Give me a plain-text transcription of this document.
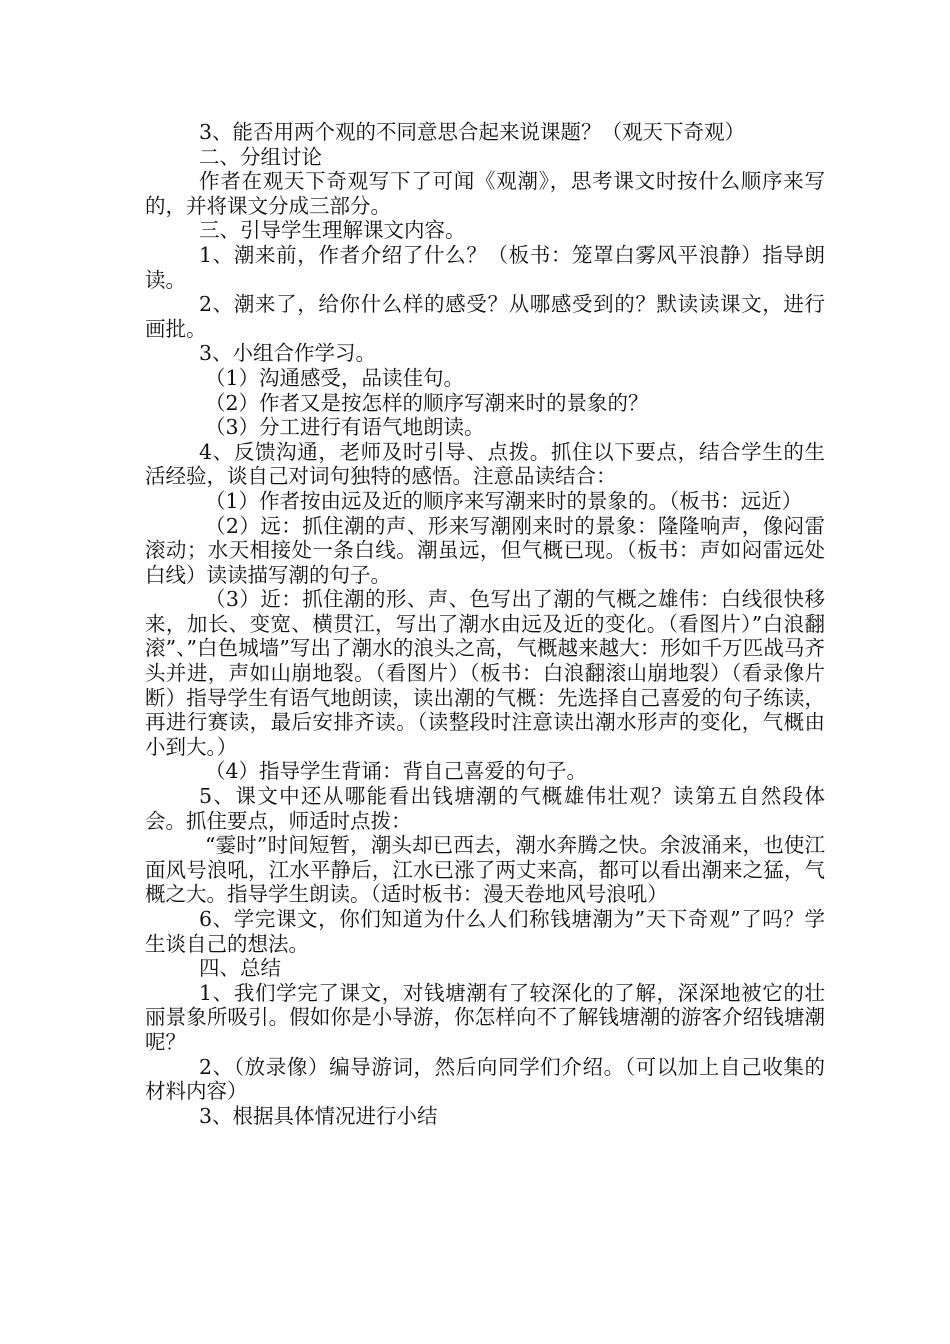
3、能否用两个观的不同意思合起来说课题？（观天下奇观）

二、分组讨论

作者在观天下奇观写下了可闻《观潮》，思考课文时按什么顺序来写的，并将课文分成三部分。

三、引导学生理解课文内容。

1、潮来前，作者介绍了什么？（板书：笼罩白雾风平浪静）指导朗读。

2、潮来了，给你什么样的感受？从哪感受到的？默读读课文，进行画批。

3、小组合作学习。

（1）沟通感受，品读佳句。

（2）作者又是按怎样的顺序写潮来时的景象的？

（3）分工进行有语气地朗读。

4、反馈沟通，老师及时引导、点拨。抓住以下要点，结合学生的生活经验，谈自己对词句独特的感悟。注意品读结合：

（1）作者按由远及近的顺序来写潮来时的景象的。（板书：远近）

（2）远：抓住潮的声、形来写潮刚来时的景象：隆隆响声，像闷雷滚动；水天相接处一条白线。潮虽远，但气概已现。（板书：声如闷雷远处白线）读读描写潮的句子。

（3）近：抓住潮的形、声、色写出了潮的气概之雄伟：白线很快移来，加长、变宽、横贯江，写出了潮水由远及近的变化。（看图片）”白浪翻滚”、”白色城墙”写出了潮水的浪头之高，气概越来越大：形如千万匹战马齐头并进，声如山崩地裂。（看图片）（板书：白浪翻滚山崩地裂）（看录像片断）指导学生有语气地朗读，读出潮的气概：先选择自己喜爱的句子练读，再进行赛读，最后安排齐读。（读整段时注意读出潮水形声的变化，气概由小到大。）

（4）指导学生背诵：背自己喜爱的句子。

5、课文中还从哪能看出钱塘潮的气概雄伟壮观？读第五自然段体会。抓住要点，师适时点拨：

“霎时”时间短暂，潮头却已西去，潮水奔腾之快。余波涌来，也使江面风号浪吼，江水平静后，江水已涨了两丈来高，都可以看出潮来之猛，气概之大。指导学生朗读。（适时板书：漫天卷地风号浪吼）

6、学完课文，你们知道为什么人们称钱塘潮为”天下奇观”了吗？学生谈自己的想法。

四、总结

1、我们学完了课文，对钱塘潮有了较深化的了解，深深地被它的壮丽景象所吸引。假如你是小导游，你怎样向不了解钱塘潮的游客介绍钱塘潮呢？

2、（放录像）编导游词，然后向同学们介绍。（可以加上自己收集的材料内容）

3、根据具体情况进行小结
